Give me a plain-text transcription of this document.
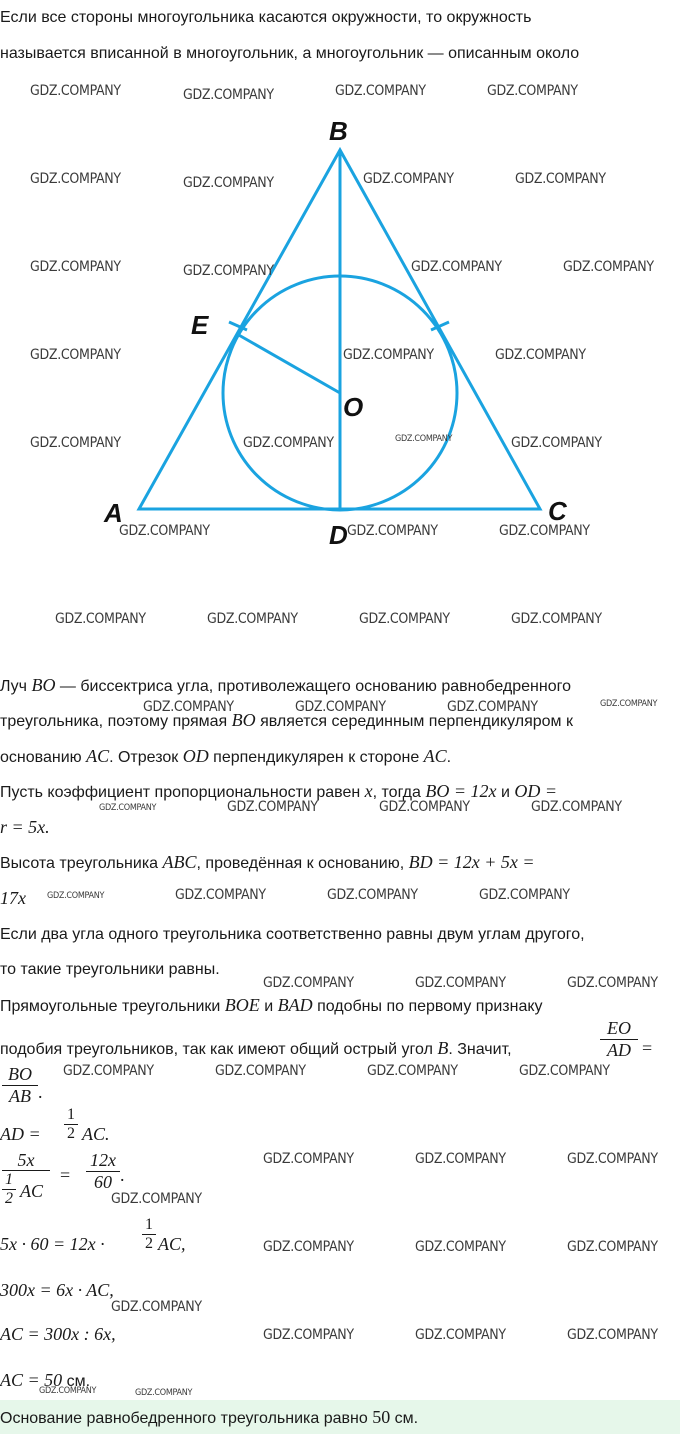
Если все стороны многоугольника касаются окружности, то окружность
называется вписанной в многоугольник, а многоугольник — описанным около
B
E
O
A
D
C
Луч BO — биссектриса угла, противолежащего основанию равнобедренного
треугольника, поэтому прямая BO является серединным перпендикуляром к
основанию AC. Отрезок OD перпендикулярен к стороне AC.
Пусть коэффициент пропорциональности равен x, тогда BO = 12x и OD =
r = 5x.
Высота треугольника ABC, проведённая к основанию, BD = 12x + 5x =
17x
Если два угла одного треугольника соответственно равны двум углам другого,
то такие треугольники равны.
Прямоугольные треугольники BOE и BAD подобны по первому признаку
подобия треугольников, так как имеют общий острый угол B. Значит,
EO
AD =
BO
AB .
AD =
1
2 AC.
5x
1
2 AC
=
12x
60 .
5x · 60 = 12x ·
1
2 AC,
300x = 6x · AC,
AC = 300x : 6x,
AC = 50 см.
Основание равнобедренного треугольника равно 50 см.
GDZ.COMPANY	GDZ.COMPANY	GDZ.COMPANY	GDZ.COMPANY
GDZ.COMPANY	GDZ.COMPANY	GDZ.COMPANY	GDZ.COMPANY
GDZ.COMPANY	GDZ.COMPANY	GDZ.COMPANY	GDZ.COMPANY
GDZ.COMPANY	GDZ.COMPANY	GDZ.COMPANY
GDZ.COMPANY	GDZ.COMPANY	GDZ.COMPANY
GDZ.COMPANY	GDZ.COMPANY	GDZ.COMPANY
GDZ.COMPANY	GDZ.COMPANY	GDZ.COMPANY	GDZ.COMPANY
GDZ.COMPANY	GDZ.COMPANY	GDZ.COMPANY
GDZ.COMPANY	GDZ.COMPANY	GDZ.COMPANY
GDZ.COMPANY	GDZ.COMPANY	GDZ.COMPANY
GDZ.COMPANY	GDZ.COMPANY	GDZ.COMPANY
GDZ.COMPANY	GDZ.COMPANY	GDZ.COMPANY	GDZ.COMPANY
GDZ.COMPANY	GDZ.COMPANY	GDZ.COMPANY
GDZ.COMPANY
GDZ.COMPANY	GDZ.COMPANY	GDZ.COMPANY
GDZ.COMPANY
GDZ.COMPANY	GDZ.COMPANY	GDZ.COMPANY
GDZ.COMPANY
GDZ.COMPANY
GDZ.COMPANY
GDZ.COMPANY
GDZ.COMPANY	GDZ.COMPANY
